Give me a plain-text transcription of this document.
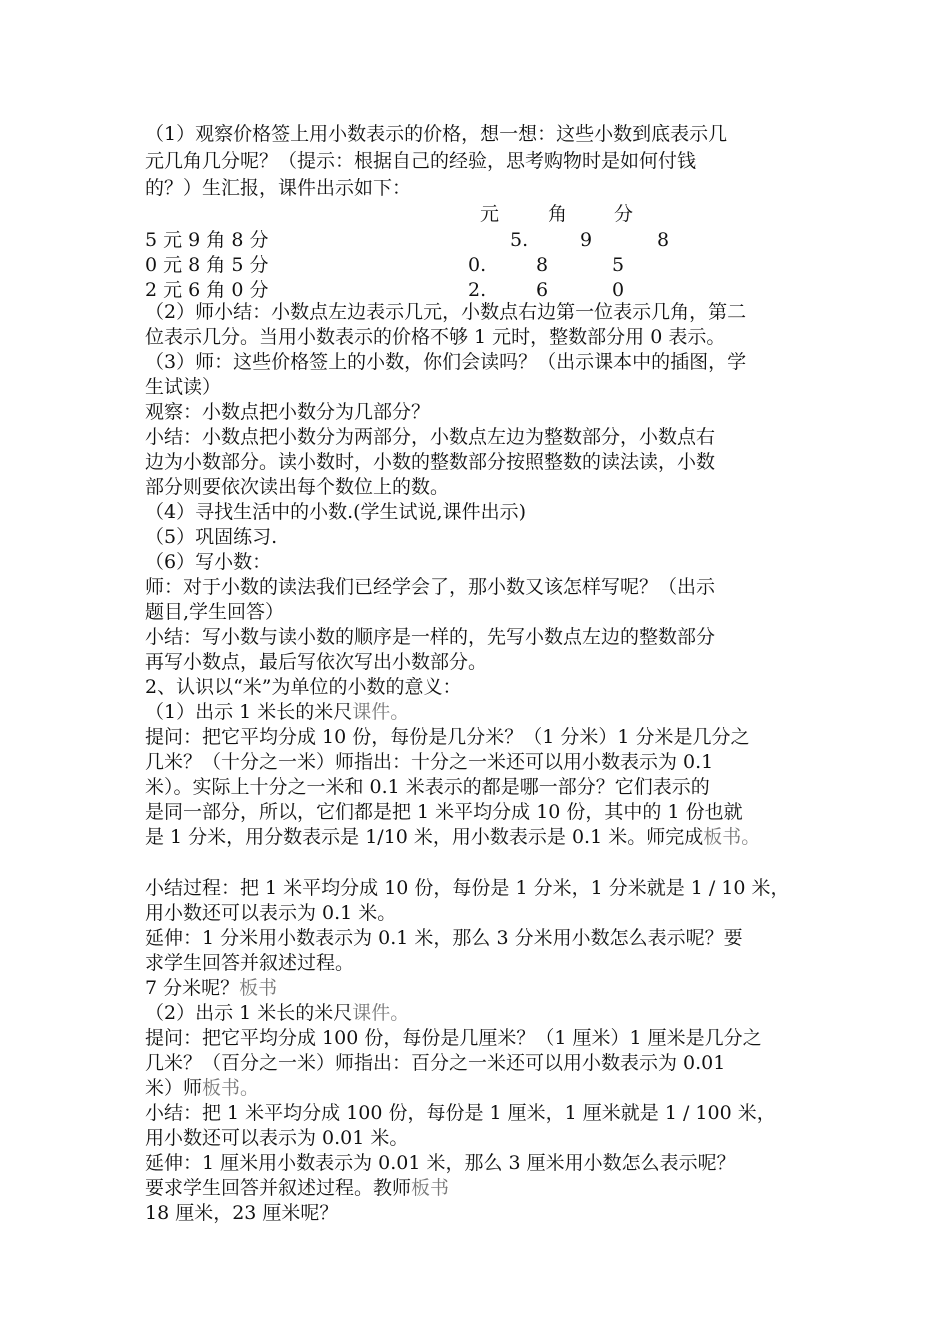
（1）观察价格签上用小数表示的价格，想一想：这些小数到底表示几
元几角几分呢？（提示：根据自己的经验，思考购物时是如何付钱
的？）生汇报，课件出示如下：
元	角 分
5 元 9 角 8 分	5.	9	8
0 元 8 角 5 分	0.	8	5
2 元 6 角 0 分	2.	6	0
（2）师小结：小数点左边表示几元，小数点右边第一位表示几角，第二
位表示几分。当用小数表示的价格不够 1 元时，整数部分用 0 表示。
（3）师：这些价格签上的小数，你们会读吗？（出示课本中的插图，学
生试读）
观察：小数点把小数分为几部分？
小结：小数点把小数分为两部分，小数点左边为整数部分，小数点右
边为小数部分。读小数时，小数的整数部分按照整数的读法读，小数
部分则要依次读出每个数位上的数。
（4）寻找生活中的小数.(学生试说,课件出示)
（5）巩固练习.
（6）写小数：
师：对于小数的读法我们已经学会了，那小数又该怎样写呢？（出示
题目,学生回答）
小结：写小数与读小数的顺序是一样的，先写小数点左边的整数部分
再写小数点，最后写依次写出小数部分。
2、认识以“米”为单位的小数的意义：
（1）出示 1 米长的米尺课件。
提问：把它平均分成 10 份，每份是几分米？（1 分米）1 分米是几分之
几米？（十分之一米）师指出：十分之一米还可以用小数表示为 0.1
米）。实际上十分之一米和 0.1 米表示的都是哪一部分？它们表示的
是同一部分，所以，它们都是把 1 米平均分成 10 份，其中的 1 份也就
是 1 分米，用分数表示是 1/10 米，用小数表示是 0.1 米。师完成板书。
小结过程：把 1 米平均分成 10 份，每份是 1 分米，1 分米就是 1 / 10 米，
用小数还可以表示为 0.1 米。
延伸：1 分米用小数表示为 0.1 米，那么 3 分米用小数怎么表示呢？要
求学生回答并叙述过程。
7 分米呢？板书
（2）出示 1 米长的米尺课件。
提问：把它平均分成 100 份，每份是几厘米？（1 厘米）1 厘米是几分之
几米？（百分之一米）师指出：百分之一米还可以用小数表示为 0.01
米）师板书。
小结：把 1 米平均分成 100 份，每份是 1 厘米，1 厘米就是 1 / 100 米，
用小数还可以表示为 0.01 米。
延伸：1 厘米用小数表示为 0.01 米，那么 3 厘米用小数怎么表示呢？
要求学生回答并叙述过程。教师板书
18 厘米，23 厘米呢？
